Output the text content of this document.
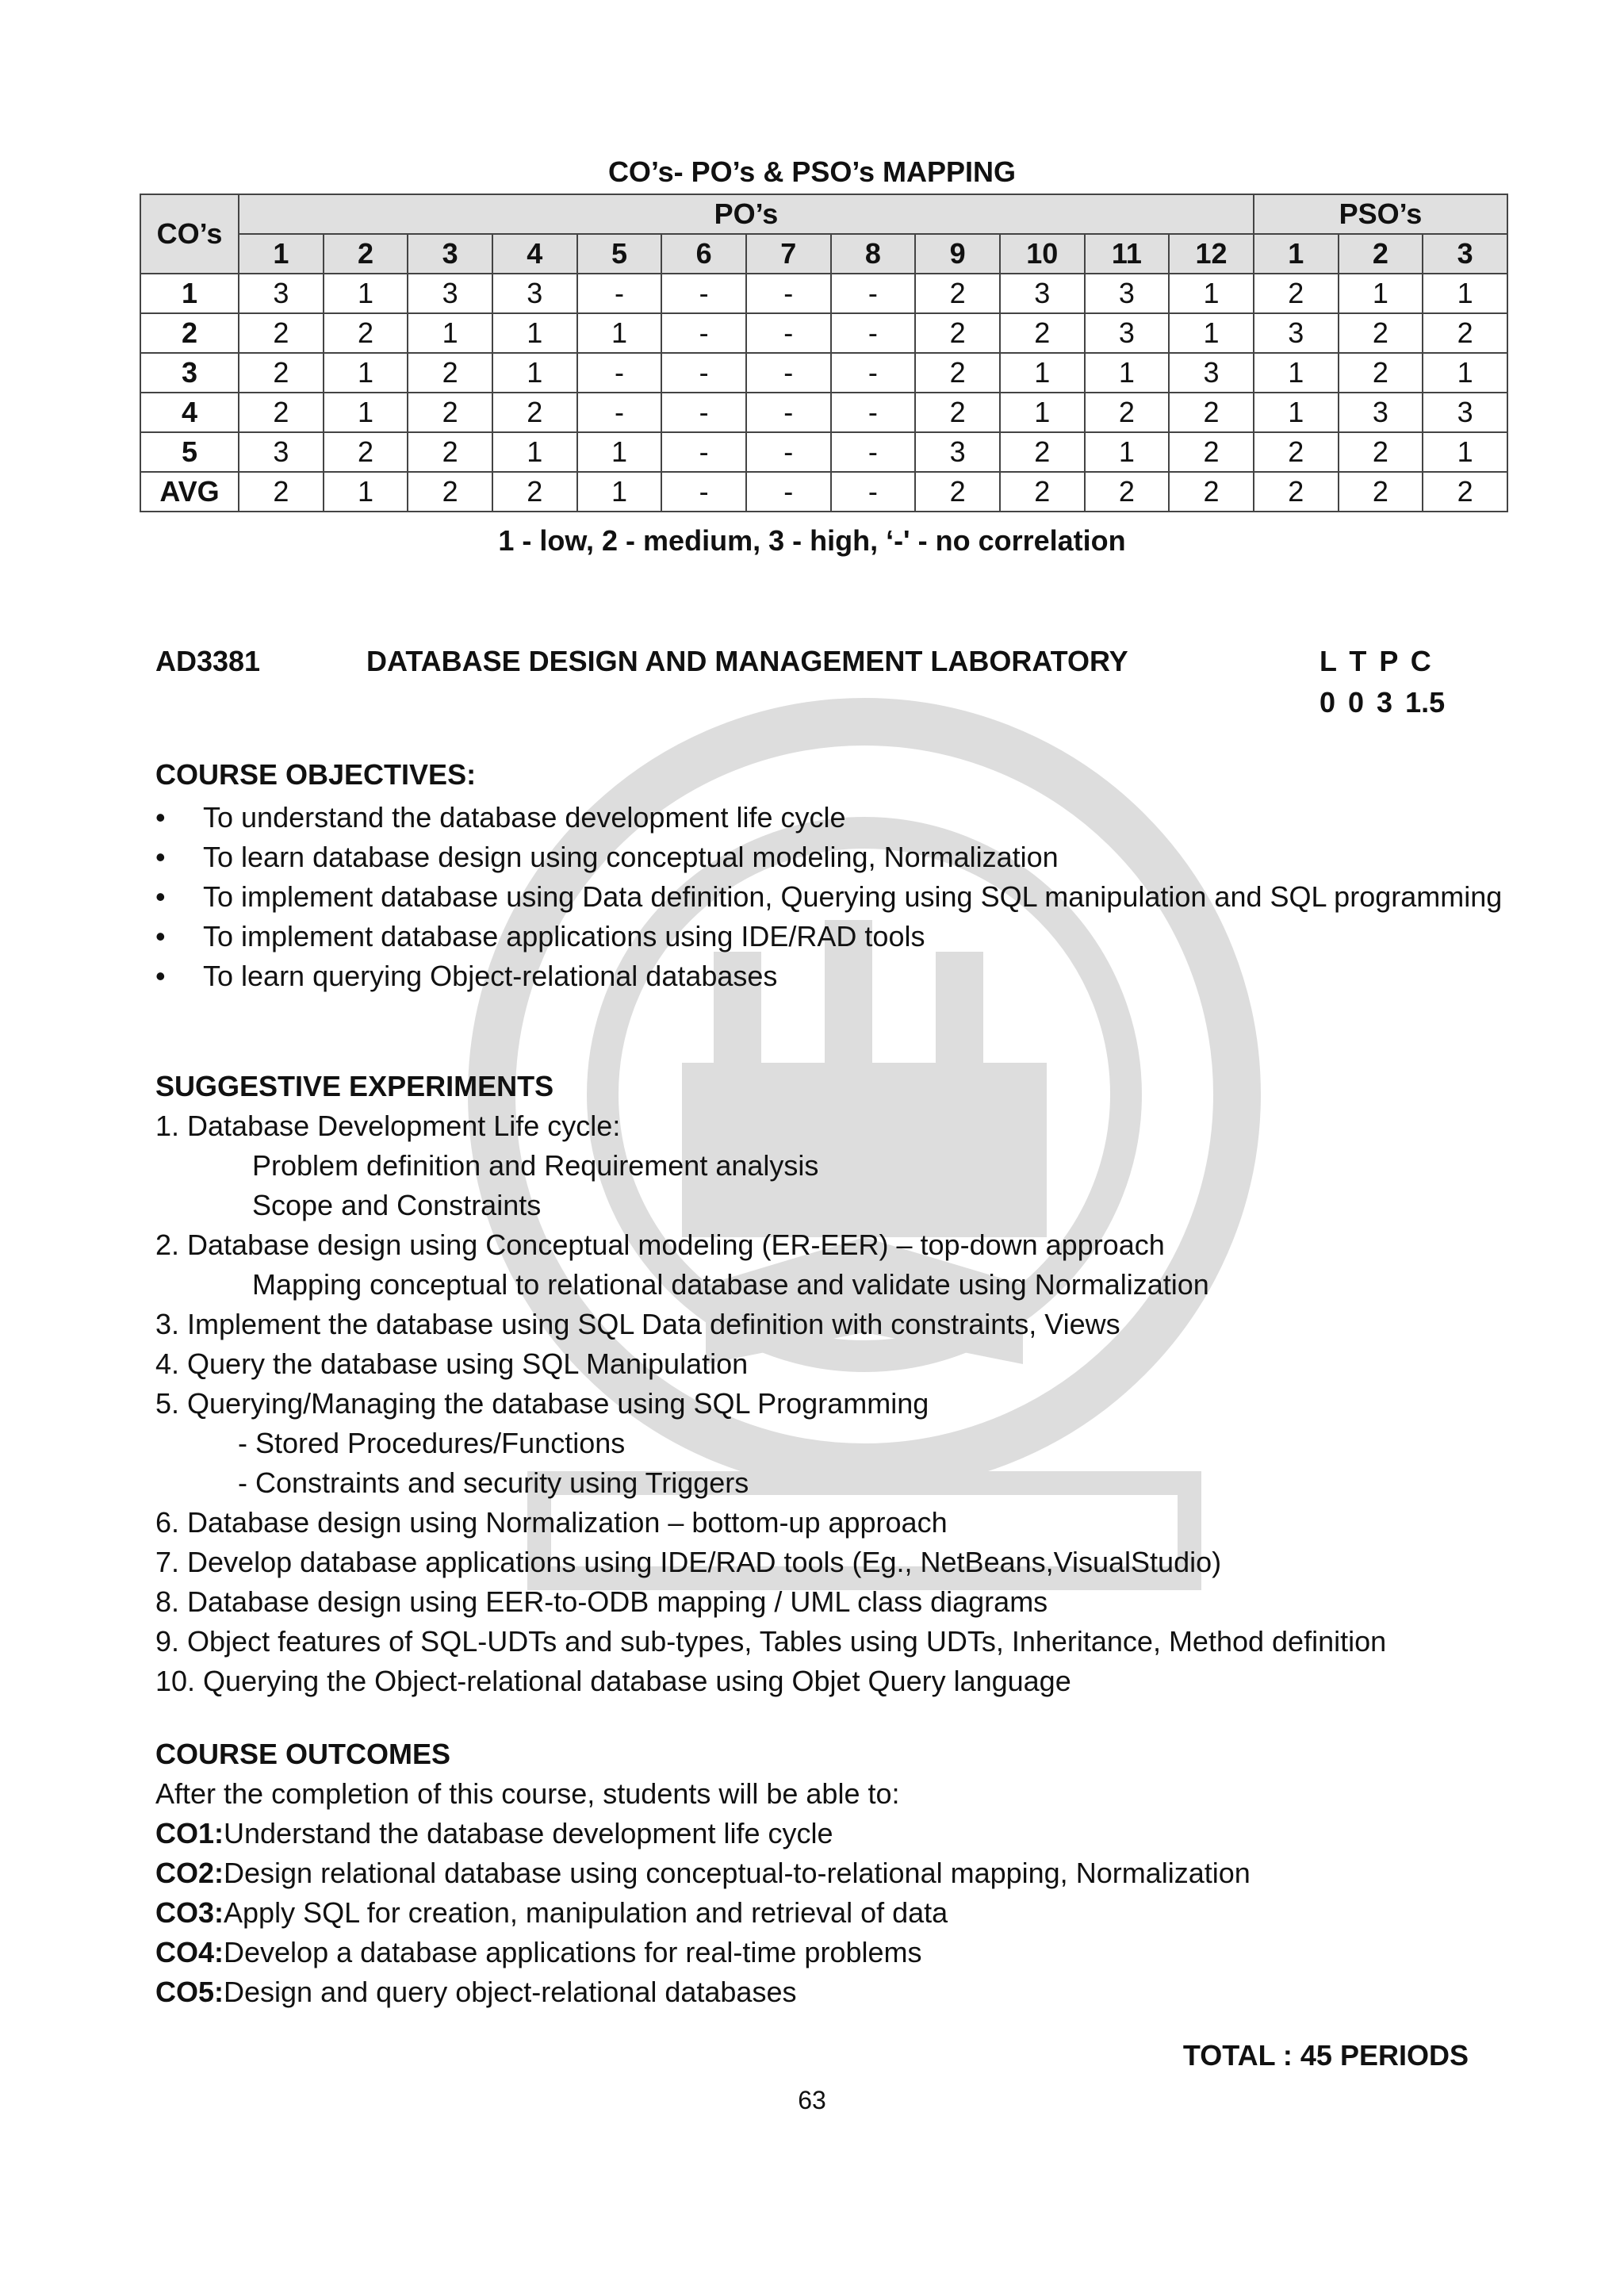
CO’s- PO’s & PSO’s MAPPING
CO’s	PO’s												PSO’s		
	1	2	3	4	5	6	7	8	9	10	11	12	1	2	3
1	3	1	3	3	-	-	-	-	2	3	3	1	2	1	1
2	2	2	1	1	1	-	-	-	2	2	3	1	3	2	2
3	2	1	2	1	-	-	-	-	2	1	1	3	1	2	1
4	2	1	2	2	-	-	-	-	2	1	2	2	1	3	3
5	3	2	2	1	1	-	-	-	3	2	1	2	2	2	1
AVG	2	1	2	2	1	-	-	-	2	2	2	2	2	2	2
1 - low, 2 - medium, 3 - high, ‘-' - no correlation
AD3381	DATABASE DESIGN AND MANAGEMENT LABORATORY	L T P C
0 0 3 1.5
COURSE OBJECTIVES:
• To understand the database development life cycle
• To learn database design using conceptual modeling, Normalization
• To implement database using Data definition, Querying using SQL manipulation and SQL programming
• To implement database applications using IDE/RAD tools
• To learn querying Object-relational databases
SUGGESTIVE EXPERIMENTS
1. Database Development Life cycle:
Problem definition and Requirement analysis
Scope and Constraints
2. Database design using Conceptual modeling (ER-EER) – top-down approach
Mapping conceptual to relational database and validate using Normalization
3. Implement the database using SQL Data definition with constraints, Views
4. Query the database using SQL Manipulation
5. Querying/Managing the database using SQL Programming
- Stored Procedures/Functions
- Constraints and security using Triggers
6. Database design using Normalization – bottom-up approach
7. Develop database applications using IDE/RAD tools (Eg., NetBeans,VisualStudio)
8. Database design using EER-to-ODB mapping / UML class diagrams
9. Object features of SQL-UDTs and sub-types, Tables using UDTs, Inheritance, Method definition
10. Querying the Object-relational database using Objet Query language
COURSE OUTCOMES
After the completion of this course, students will be able to:
CO1:Understand the database development life cycle
CO2:Design relational database using conceptual-to-relational mapping, Normalization
CO3:Apply SQL for creation, manipulation and retrieval of data
CO4:Develop a database applications for real-time problems
CO5:Design and query object-relational databases
TOTAL : 45 PERIODS
63
